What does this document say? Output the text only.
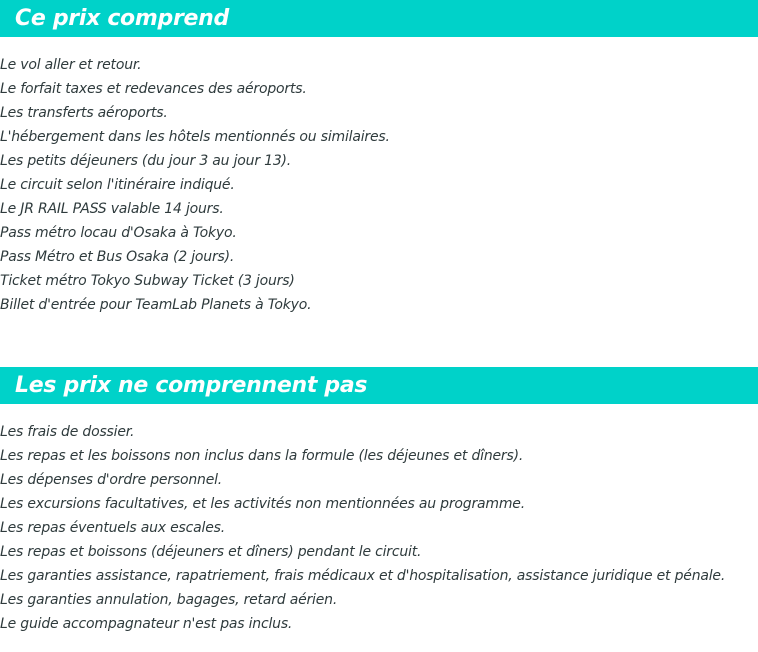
Ce prix comprend
Le vol aller et retour.
Le forfait taxes et redevances des aéroports.
Les transferts aéroports.
L'hébergement dans les hôtels mentionnés ou similaires.
Les petits déjeuners (du jour 3 au jour 13).
Le circuit selon l'itinéraire indiqué.
Le JR RAIL PASS valable 14 jours.
Pass métro locau d'Osaka à Tokyo.
Pass Métro et Bus Osaka (2 jours).
Ticket métro Tokyo Subway Ticket (3 jours)
Billet d'entrée pour TeamLab Planets à Tokyo.
Les prix ne comprennent pas
Les frais de dossier.
Les repas et les boissons non inclus dans la formule (les déjeunes et dîners).
Les dépenses d'ordre personnel.
Les excursions facultatives, et les activités non mentionnées au programme.
Les repas éventuels aux escales.
Les repas et boissons (déjeuners et dîners) pendant le circuit.
Les garanties assistance, rapatriement, frais médicaux et d'hospitalisation, assistance juridique et pénale.
Les garanties annulation, bagages, retard aérien.
Le guide accompagnateur n'est pas inclus.
